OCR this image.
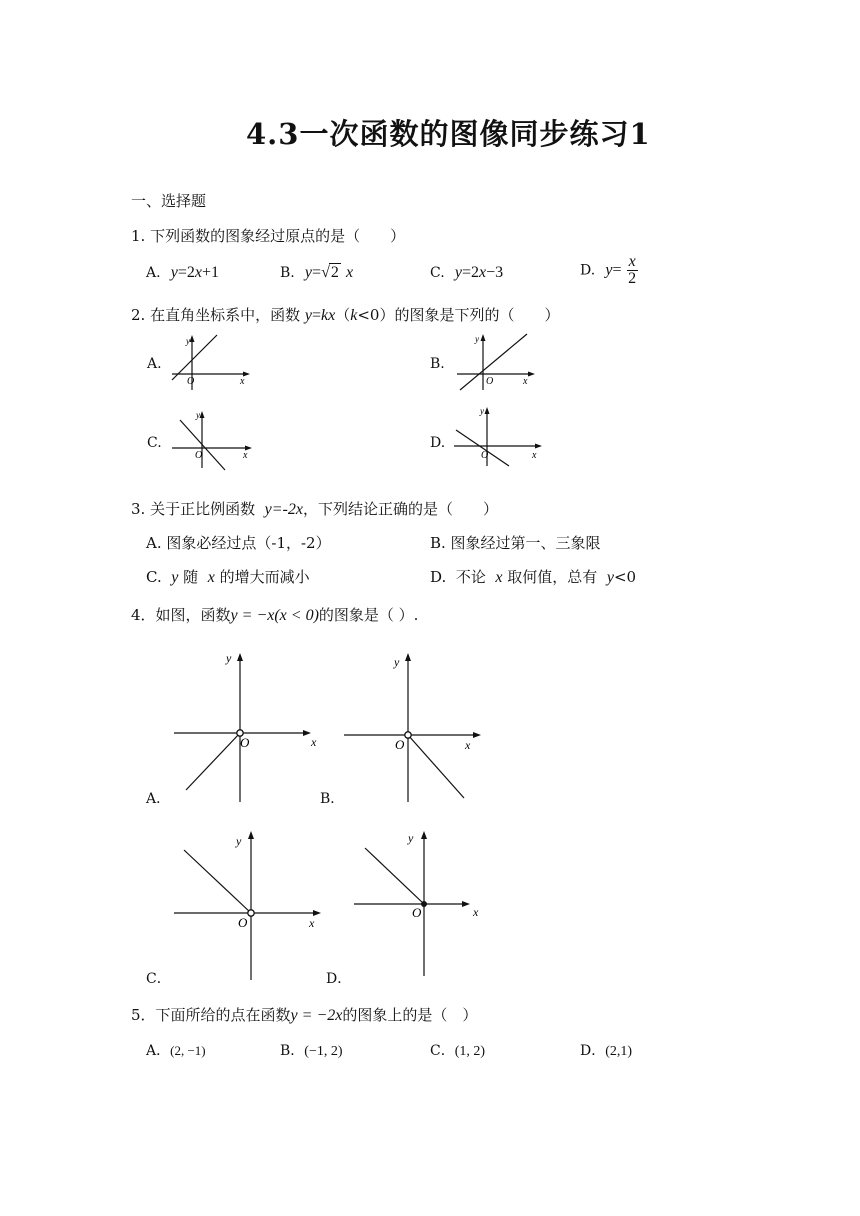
4.3一次函数的图像同步练习1
一、选择题
1. 下列函数的图象经过原点的是（　　）
A. y=2x+1	B. y=√2 x	C. y=2x−3	D. $y= \frac{x}{2}$
2. 在直角坐标系中，函数 y=kx（k<0）的图象是下列的（　　）
A.
y
x
O
B.
y
x
O
C.
y
x
O
D.
y
x
O
3. 关于正比例函数 y=-2x，下列结论正确的是（　　）
A. 图象必经过点（-1，-2）	B. 图象经过第一、三象限
C. y 随 x 的增大而减小	D. 不论 x 取何值，总有 y<0
4．如图，函数y = −x(x < 0)的图象是（ ）.
y
x
O
A．
y
x
O
B．
y
x
O
C．
y
x
O
D．
5．下面所给的点在函数y = −2x的图象上的是（　）
A．(2, −1)	B．(−1, 2)	C．(1, 2)	D．(2,1)
